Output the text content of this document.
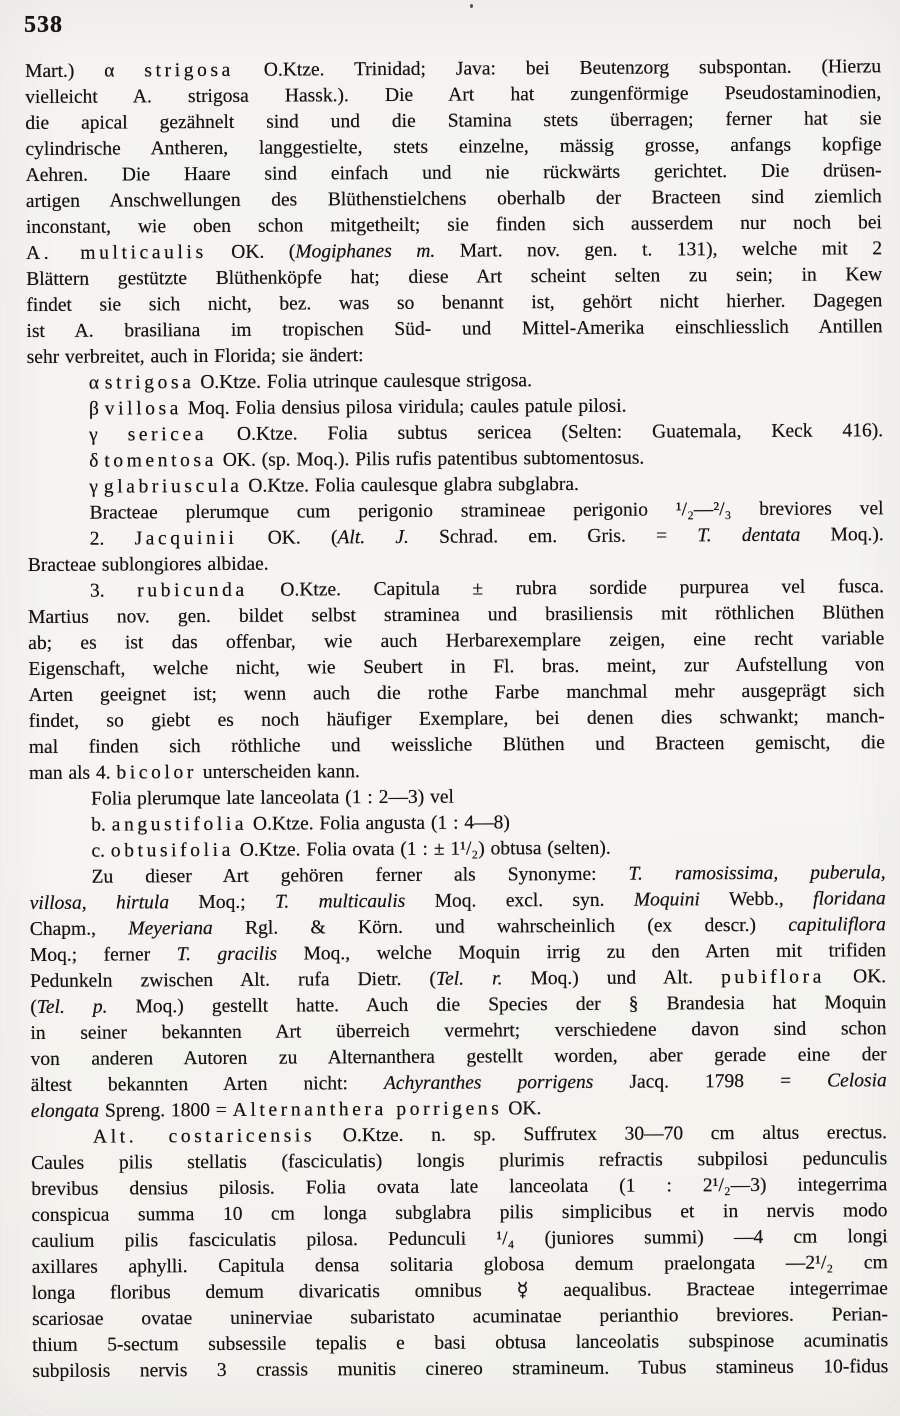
538
Mart.) α strigosa O.Ktze. Trinidad; Java: bei Beutenzorg subspontan. (Hierzu
vielleicht A. strigosa Hassk.). Die Art hat zungenförmige Pseudostaminodien,
die apical gezähnelt sind und die Stamina stets überragen; ferner hat sie
cylindrische Antheren, langgestielte, stets einzelne, mässig grosse, anfangs kopfige
Aehren. Die Haare sind einfach und nie rückwärts gerichtet. Die drüsen-
artigen Anschwellungen des Blüthenstielchens oberhalb der Bracteen sind ziemlich
inconstant, wie oben schon mitgetheilt; sie finden sich ausserdem nur noch bei
A. multicaulis OK. (Mogiphanes m. Mart. nov. gen. t. 131), welche mit 2
Blättern gestützte Blüthenköpfe hat; diese Art scheint selten zu sein; in Kew
findet sie sich nicht, bez. was so benannt ist, gehört nicht hierher. Dagegen
ist A. brasiliana im tropischen Süd- und Mittel-Amerika einschliesslich Antillen
sehr verbreitet, auch in Florida; sie ändert:
α strigosa O.Ktze. Folia utrinque caulesque strigosa.
β villosa Moq. Folia densius pilosa viridula; caules patule pilosi.
γ sericea O.Ktze. Folia subtus sericea (Selten: Guatemala, Keck 416).
δ tomentosa OK. (sp. Moq.). Pilis rufis patentibus subtomentosus.
γ glabriuscula O.Ktze. Folia caulesque glabra subglabra.
Bracteae plerumque cum perigonio stramineae perigonio ¹/₂—²/₃ breviores vel
2. Jacquinii OK. (Alt. J. Schrad. em. Gris. = T. dentata Moq.).
Bracteae sublongiores albidae.
3. rubicunda O.Ktze. Capitula ± rubra sordide purpurea vel fusca.
Martius nov. gen. bildet selbst straminea und brasiliensis mit röthlichen Blüthen
ab; es ist das offenbar, wie auch Herbarexemplare zeigen, eine recht variable
Eigenschaft, welche nicht, wie Seubert in Fl. bras. meint, zur Aufstellung von
Arten geeignet ist; wenn auch die rothe Farbe manchmal mehr ausgeprägt sich
findet, so giebt es noch häufiger Exemplare, bei denen dies schwankt; manch-
mal finden sich röthliche und weissliche Blüthen und Bracteen gemischt, die
man als 4. bicolor unterscheiden kann.
Folia plerumque late lanceolata (1 : 2—3) vel
b. angustifolia O.Ktze. Folia angusta (1 : 4—8)
c. obtusifolia O.Ktze. Folia ovata (1 : ± 1¹/₂) obtusa (selten).
Zu dieser Art gehören ferner als Synonyme: T. ramosissima, puberula,
villosa, hirtula Moq.; T. multicaulis Moq. excl. syn. Moquini Webb., floridana
Chapm., Meyeriana Rgl. & Körn. und wahrscheinlich (ex descr.) capituliflora
Moq.; ferner T. gracilis Moq., welche Moquin irrig zu den Arten mit trifiden
Pedunkeln zwischen Alt. rufa Dietr. (Tel. r. Moq.) und Alt. pubiflora OK.
(Tel. p. Moq.) gestellt hatte. Auch die Species der § Brandesia hat Moquin
in seiner bekannten Art überreich vermehrt; verschiedene davon sind schon
von anderen Autoren zu Alternanthera gestellt worden, aber gerade eine der
ältest bekannten Arten nicht: Achyranthes porrigens Jacq. 1798 = Celosia
elongata Spreng. 1800 = Alternanthera porrigens OK.
Alt. costaricensis O.Ktze. n. sp. Suffrutex 30—70 cm altus erectus.
Caules pilis stellatis (fasciculatis) longis plurimis refractis subpilosi pedunculis
brevibus densius pilosis. Folia ovata late lanceolata (1 : 2¹/₂—3) integerrima
conspicua summa 10 cm longa subglabra pilis simplicibus et in nervis modo
caulium pilis fasciculatis pilosa. Pedunculi ¹/₄ (juniores summi) —4 cm longi
axillares aphylli. Capitula densa solitaria globosa demum praelongata —2¹/₂ cm
longa floribus demum divaricatis omnibus ☿ aequalibus. Bracteae integerrimae
scariosae ovatae uninerviae subaristato acuminatae perianthio breviores. Perian-
thium 5-sectum subsessile tepalis e basi obtusa lanceolatis subspinose acuminatis
subpilosis nervis 3 crassis munitis cinereo stramineum. Tubus stamineus 10-fidus
